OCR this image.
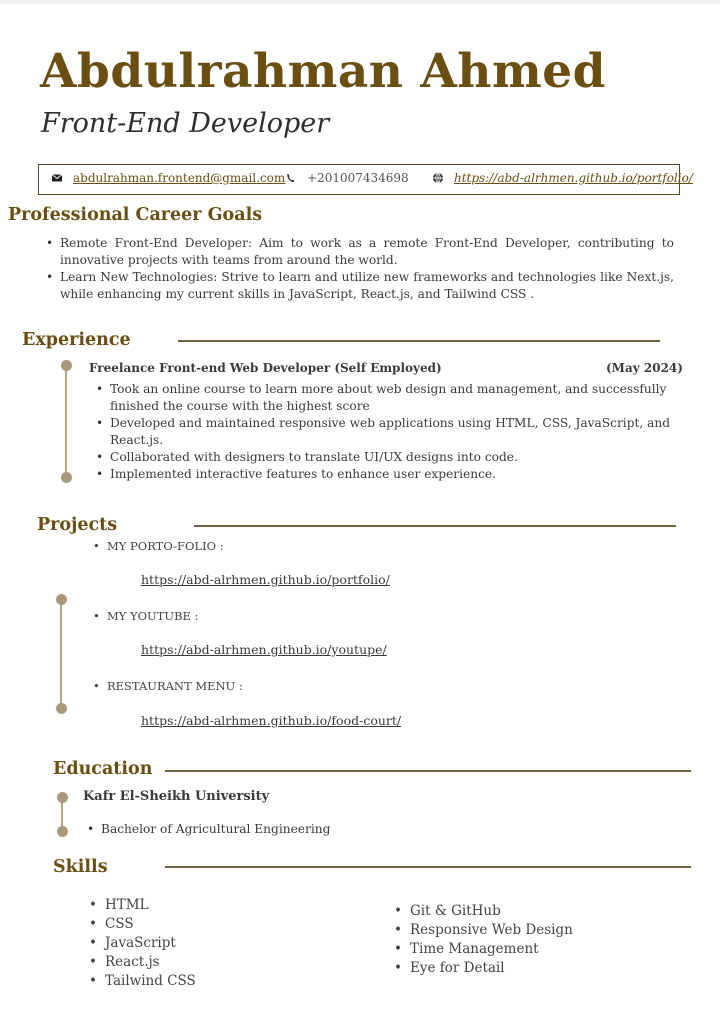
Abdulrahman Ahmed
Front-End Developer
abdulrahman.frontend@gmail.com +201007434698	https://abd-alrhmen.github.io/portfolio/
Professional Career Goals
• Remote Front-End Developer: Aim to work as a remote Front-End Developer, contributing to innovative projects with teams from around the world.
• Learn New Technologies: Strive to learn and utilize new frameworks and technologies like Next.js, while enhancing my current skills in JavaScript, React.js, and Tailwind CSS .
Experience
Freelance Front-end Web Developer (Self Employed)	(May 2024)
• Took an online course to learn more about web design and management, and successfully finished the course with the highest score
• Developed and maintained responsive web applications using HTML, CSS, JavaScript, and React.js.
• Collaborated with designers to translate UI/UX designs into code.
• Implemented interactive features to enhance user experience.
Projects
• MY PORTO-FOLIO :
https://abd-alrhmen.github.io/portfolio/
• MY YOUTUBE :
https://abd-alrhmen.github.io/youtupe/
• RESTAURANT MENU :
https://abd-alrhmen.github.io/food-court/
Education
Kafr El-Sheikh University
• Bachelor of Agricultural Engineering
Skills
• HTML
• CSS
• JavaScript
• React.js
• Tailwind CSS
• Git & GitHub
• Responsive Web Design
• Time Management
• Eye for Detail
